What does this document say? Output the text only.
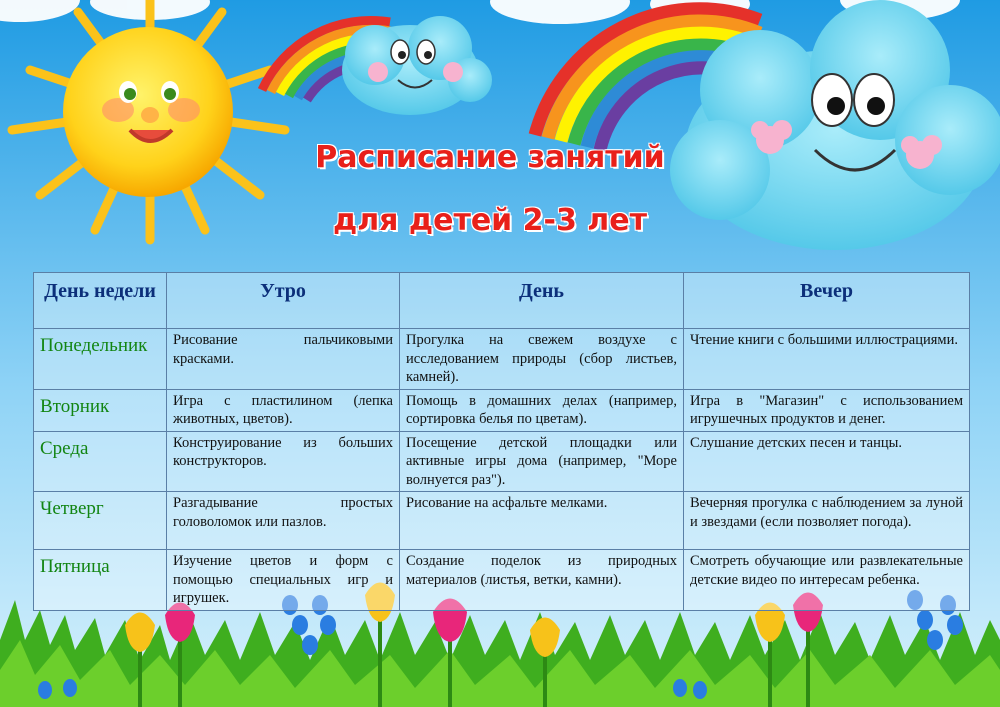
Расписание занятий
для детей 2-3 лет
День недели	Утро	День	Вечер
Понедельник	Рисование пальчиковыми красками.	Прогулка на свежем воздухе с исследованием природы (сбор листьев, камней).	Чтение книги с большими иллюстрациями.
Вторник	Игра с пластилином (лепка животных, цветов).	Помощь в домашних делах (например, сортировка белья по цветам).	Игра в "Магазин" с использованием игрушечных продуктов и денег.
Среда	Конструирование из больших конструкторов.	Посещение детской площадки или активные игры дома (например, "Море волнуется раз").	Слушание детских песен и танцы.
Четверг	Разгадывание простых головоломок или пазлов.	Рисование на асфальте мелками.	Вечерняя прогулка с наблюдением за луной и звездами (если позволяет погода).
Пятница	Изучение цветов и форм с помощью специальных игр и игрушек.	Создание поделок из природных материалов (листья, ветки, камни).	Смотреть обучающие или развлекательные детские видео по интересам ребенка.
